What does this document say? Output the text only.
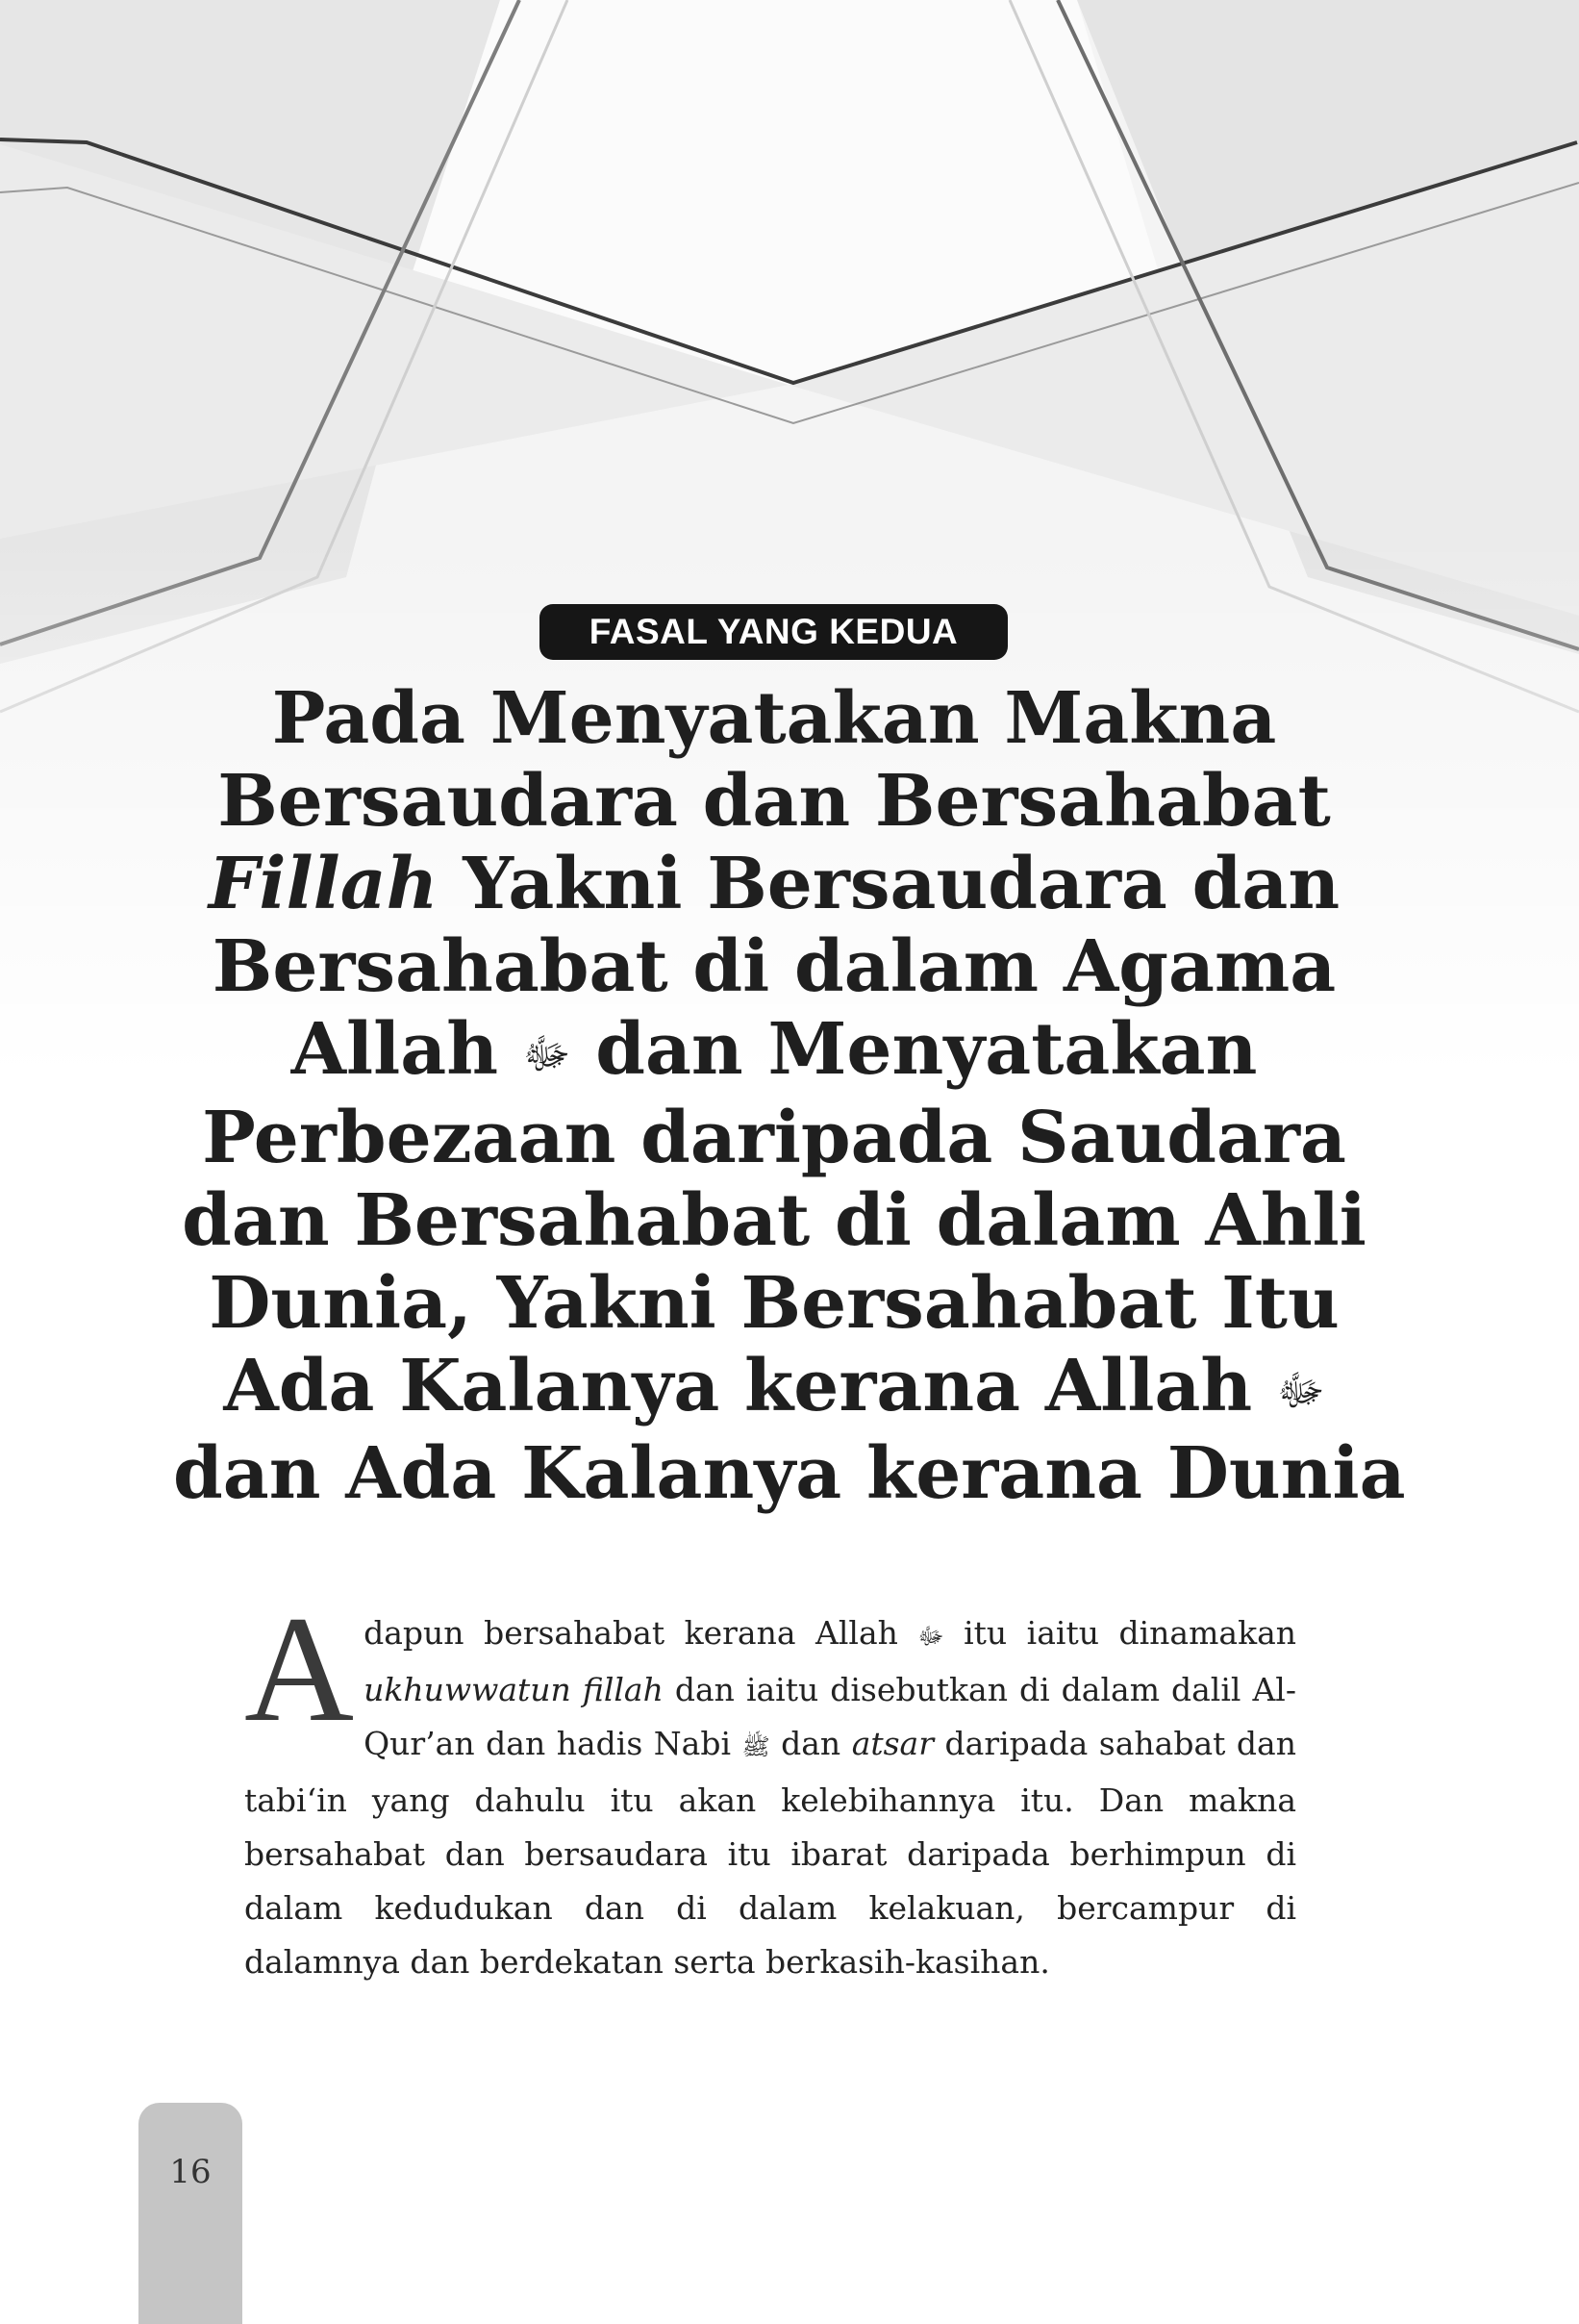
FASAL YANG KEDUA
Pada Menyatakan Makna
Bersaudara dan Bersahabat
Fillah Yakni Bersaudara dan
Bersahabat di dalam Agama
Allah ﷻ dan Menyatakan
Perbezaan daripada Saudara
dan Bersahabat di dalam Ahli
Dunia, Yakni Bersahabat Itu
Ada Kalanya kerana Allah ﷻ
dan Ada Kalanya kerana Dunia

Adapun bersahabat kerana Allah ﷻ itu iaitu dinamakan ukhuwwatun fillah dan iaitu disebutkan di dalam dalil Al-Qur’an dan hadis Nabi ﷺ dan atsar daripada sahabat dan tabi‘in yang dahulu itu akan kelebihannya itu. Dan makna bersahabat dan bersaudara itu ibarat daripada berhimpun di dalam kedudukan dan di dalam kelakuan, bercampur di dalamnya dan berdekatan serta berkasih-kasihan.

16
